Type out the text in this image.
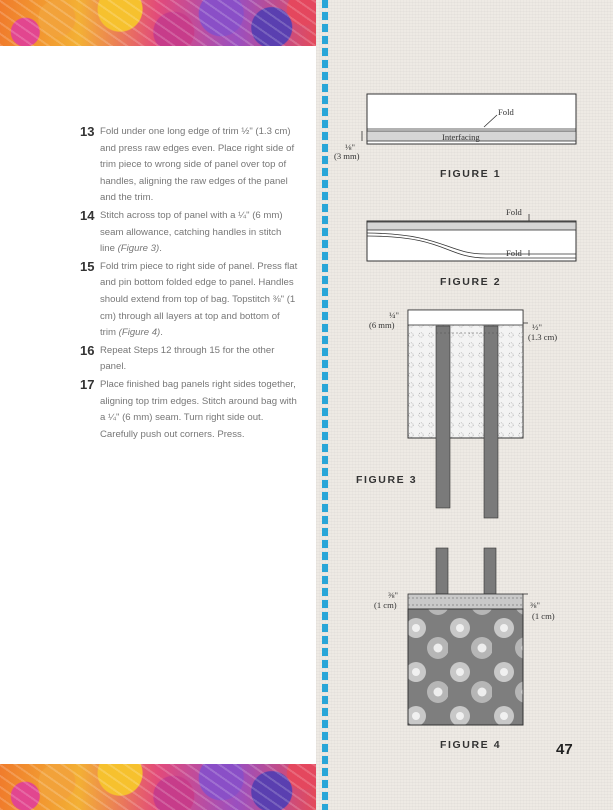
13 Fold under one long edge of trim ½" (1.3 cm) and press raw edges even. Place right side of trim piece to wrong side of panel over top of handles, aligning the raw edges of the panel and the trim.
14 Stitch across top of panel with a ¼" (6 mm) seam allowance, catching handles in stitch line (Figure 3).
15 Fold trim piece to right side of panel. Press flat and pin bottom folded edge to panel. Handles should extend from top of bag. Topstitch ⅜" (1 cm) through all layers at top and bottom of trim (Figure 4).
16 Repeat Steps 12 through 15 for the other panel.
17 Place finished bag panels right sides together, aligning top trim edges. Stitch around bag with a ¼" (6 mm) seam. Turn right side out. Carefully push out corners. Press.
Fold
Interfacing
⅛"
(3 mm)
FIGURE 1
Fold
Fold
FIGURE 2
¼"
(6 mm)	½"
(1.3 cm)
FIGURE 3
⅜"
(1 cm)	⅜"
(1 cm)
FIGURE 4	47
